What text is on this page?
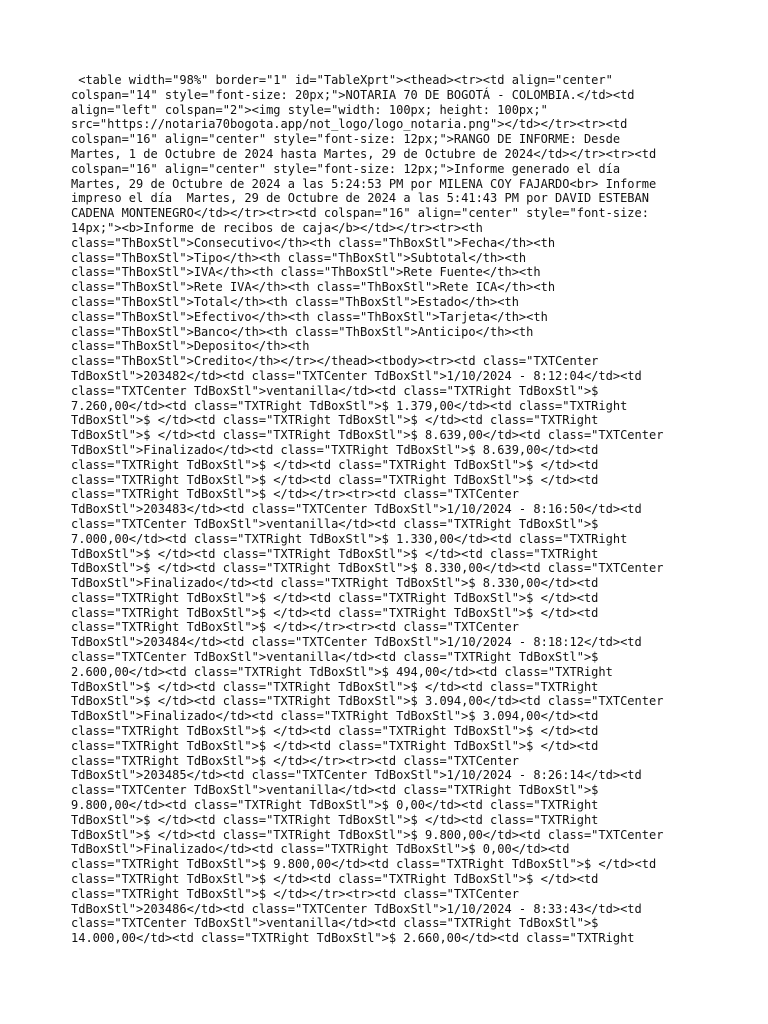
<table width="98%" border="1" id="TableXprt"><thead><tr><td align="center"
colspan="14" style="font-size: 20px;">NOTARIA 70 DE BOGOTÁ - COLOMBIA.</td><td
align="left" colspan="2"><img style="width: 100px; height: 100px;"
src="https://notaria70bogota.app/not_logo/logo_notaria.png"></td></tr><tr><td
colspan="16" align="center" style="font-size: 12px;">RANGO DE INFORME: Desde
Martes, 1 de Octubre de 2024 hasta Martes, 29 de Octubre de 2024</td></tr><tr><td
colspan="16" align="center" style="font-size: 12px;">Informe generado el día
Martes, 29 de Octubre de 2024 a las 5:24:53 PM por MILENA COY FAJARDO<br> Informe
impreso el día  Martes, 29 de Octubre de 2024 a las 5:41:43 PM por DAVID ESTEBAN
CADENA MONTENEGRO</td></tr><tr><td colspan="16" align="center" style="font-size:
14px;"><b>Informe de recibos de caja</b></td></tr><tr><th
class="ThBoxStl">Consecutivo</th><th class="ThBoxStl">Fecha</th><th
class="ThBoxStl">Tipo</th><th class="ThBoxStl">Subtotal</th><th
class="ThBoxStl">IVA</th><th class="ThBoxStl">Rete Fuente</th><th
class="ThBoxStl">Rete IVA</th><th class="ThBoxStl">Rete ICA</th><th
class="ThBoxStl">Total</th><th class="ThBoxStl">Estado</th><th
class="ThBoxStl">Efectivo</th><th class="ThBoxStl">Tarjeta</th><th
class="ThBoxStl">Banco</th><th class="ThBoxStl">Anticipo</th><th
class="ThBoxStl">Deposito</th><th
class="ThBoxStl">Credito</th></tr></thead><tbody><tr><td class="TXTCenter
TdBoxStl">203482</td><td class="TXTCenter TdBoxStl">1/10/2024 - 8:12:04</td><td
class="TXTCenter TdBoxStl">ventanilla</td><td class="TXTRight TdBoxStl">$
7.260,00</td><td class="TXTRight TdBoxStl">$ 1.379,00</td><td class="TXTRight
TdBoxStl">$ </td><td class="TXTRight TdBoxStl">$ </td><td class="TXTRight
TdBoxStl">$ </td><td class="TXTRight TdBoxStl">$ 8.639,00</td><td class="TXTCenter
TdBoxStl">Finalizado</td><td class="TXTRight TdBoxStl">$ 8.639,00</td><td
class="TXTRight TdBoxStl">$ </td><td class="TXTRight TdBoxStl">$ </td><td
class="TXTRight TdBoxStl">$ </td><td class="TXTRight TdBoxStl">$ </td><td
class="TXTRight TdBoxStl">$ </td></tr><tr><td class="TXTCenter
TdBoxStl">203483</td><td class="TXTCenter TdBoxStl">1/10/2024 - 8:16:50</td><td
class="TXTCenter TdBoxStl">ventanilla</td><td class="TXTRight TdBoxStl">$
7.000,00</td><td class="TXTRight TdBoxStl">$ 1.330,00</td><td class="TXTRight
TdBoxStl">$ </td><td class="TXTRight TdBoxStl">$ </td><td class="TXTRight
TdBoxStl">$ </td><td class="TXTRight TdBoxStl">$ 8.330,00</td><td class="TXTCenter
TdBoxStl">Finalizado</td><td class="TXTRight TdBoxStl">$ 8.330,00</td><td
class="TXTRight TdBoxStl">$ </td><td class="TXTRight TdBoxStl">$ </td><td
class="TXTRight TdBoxStl">$ </td><td class="TXTRight TdBoxStl">$ </td><td
class="TXTRight TdBoxStl">$ </td></tr><tr><td class="TXTCenter
TdBoxStl">203484</td><td class="TXTCenter TdBoxStl">1/10/2024 - 8:18:12</td><td
class="TXTCenter TdBoxStl">ventanilla</td><td class="TXTRight TdBoxStl">$
2.600,00</td><td class="TXTRight TdBoxStl">$ 494,00</td><td class="TXTRight
TdBoxStl">$ </td><td class="TXTRight TdBoxStl">$ </td><td class="TXTRight
TdBoxStl">$ </td><td class="TXTRight TdBoxStl">$ 3.094,00</td><td class="TXTCenter
TdBoxStl">Finalizado</td><td class="TXTRight TdBoxStl">$ 3.094,00</td><td
class="TXTRight TdBoxStl">$ </td><td class="TXTRight TdBoxStl">$ </td><td
class="TXTRight TdBoxStl">$ </td><td class="TXTRight TdBoxStl">$ </td><td
class="TXTRight TdBoxStl">$ </td></tr><tr><td class="TXTCenter
TdBoxStl">203485</td><td class="TXTCenter TdBoxStl">1/10/2024 - 8:26:14</td><td
class="TXTCenter TdBoxStl">ventanilla</td><td class="TXTRight TdBoxStl">$
9.800,00</td><td class="TXTRight TdBoxStl">$ 0,00</td><td class="TXTRight
TdBoxStl">$ </td><td class="TXTRight TdBoxStl">$ </td><td class="TXTRight
TdBoxStl">$ </td><td class="TXTRight TdBoxStl">$ 9.800,00</td><td class="TXTCenter
TdBoxStl">Finalizado</td><td class="TXTRight TdBoxStl">$ 0,00</td><td
class="TXTRight TdBoxStl">$ 9.800,00</td><td class="TXTRight TdBoxStl">$ </td><td
class="TXTRight TdBoxStl">$ </td><td class="TXTRight TdBoxStl">$ </td><td
class="TXTRight TdBoxStl">$ </td></tr><tr><td class="TXTCenter
TdBoxStl">203486</td><td class="TXTCenter TdBoxStl">1/10/2024 - 8:33:43</td><td
class="TXTCenter TdBoxStl">ventanilla</td><td class="TXTRight TdBoxStl">$
14.000,00</td><td class="TXTRight TdBoxStl">$ 2.660,00</td><td class="TXTRight
